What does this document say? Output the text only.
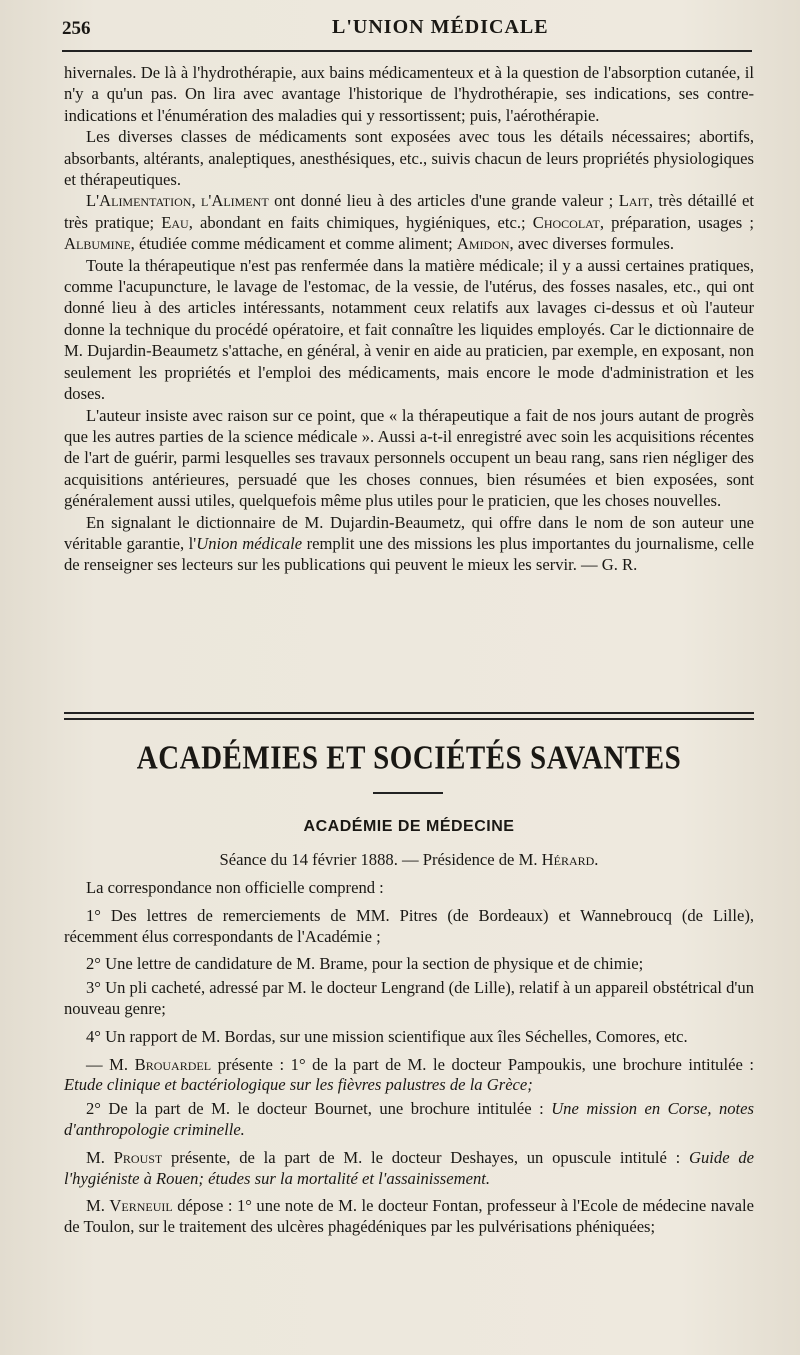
256	L'UNION MÉDICALE

hivernales. De là à l'hydrothérapie, aux bains médicamenteux et à la question de l'absorption cutanée, il n'y a qu'un pas. On lira avec avantage l'historique de l'hydrothérapie, ses indications, ses contre-indications et l'énumération des maladies qui y ressortissent; puis, l'aérothérapie.

Les diverses classes de médicaments sont exposées avec tous les détails nécessaires; abortifs, absorbants, altérants, analeptiques, anesthésiques, etc., suivis chacun de leurs propriétés physiologiques et thérapeutiques.

L'Alimentation, l'Aliment ont donné lieu à des articles d'une grande valeur ; Lait, très détaillé et très pratique; Eau, abondant en faits chimiques, hygiéniques, etc.; Chocolat, préparation, usages ; Albumine, étudiée comme médicament et comme aliment; Amidon, avec diverses formules.

Toute la thérapeutique n'est pas renfermée dans la matière médicale; il y a aussi certaines pratiques, comme l'acupuncture, le lavage de l'estomac, de la vessie, de l'utérus, des fosses nasales, etc., qui ont donné lieu à des articles intéressants, notamment ceux relatifs aux lavages ci-dessus et où l'auteur donne la technique du procédé opératoire, et fait connaître les liquides employés. Car le dictionnaire de M. Dujardin-Beaumetz s'attache, en général, à venir en aide au praticien, par exemple, en exposant, non seulement les propriétés et l'emploi des médicaments, mais encore le mode d'administration et les doses.

L'auteur insiste avec raison sur ce point, que « la thérapeutique a fait de nos jours autant de progrès que les autres parties de la science médicale ». Aussi a-t-il enregistré avec soin les acquisitions récentes de l'art de guérir, parmi lesquelles ses travaux personnels occupent un beau rang, sans rien négliger des acquisitions antérieures, persuadé que les choses connues, bien résumées et bien exposées, sont généralement aussi utiles, quelquefois même plus utiles pour le praticien, que les choses nouvelles.

En signalant le dictionnaire de M. Dujardin-Beaumetz, qui offre dans le nom de son auteur une véritable garantie, l'Union médicale remplit une des missions les plus importantes du journalisme, celle de renseigner ses lecteurs sur les publications qui peuvent le mieux les servir. — G. R.

ACADÉMIES ET SOCIÉTÉS SAVANTES
ACADÉMIE DE MÉDECINE
Séance du 14 février 1888. — Présidence de M. Hérard.

La correspondance non officielle comprend :

1° Des lettres de remerciements de MM. Pitres (de Bordeaux) et Wannebroucq (de Lille), récemment élus correspondants de l'Académie ;

2° Une lettre de candidature de M. Brame, pour la section de physique et de chimie;

3° Un pli cacheté, adressé par M. le docteur Lengrand (de Lille), relatif à un appareil obstétrical d'un nouveau genre;

4° Un rapport de M. Bordas, sur une mission scientifique aux îles Séchelles, Comores, etc.

— M. Brouardel présente : 1° de la part de M. le docteur Pampoukis, une brochure intitulée : Etude clinique et bactériologique sur les fièvres palustres de la Grèce;

2° De la part de M. le docteur Bournet, une brochure intitulée : Une mission en Corse, notes d'anthropologie criminelle.

M. Proust présente, de la part de M. le docteur Deshayes, un opuscule intitulé : Guide de l'hygiéniste à Rouen; études sur la mortalité et l'assainissement.

M. Verneuil dépose : 1° une note de M. le docteur Fontan, professeur à l'Ecole de médecine navale de Toulon, sur le traitement des ulcères phagédéniques par les pulvérisations phéniquées;
